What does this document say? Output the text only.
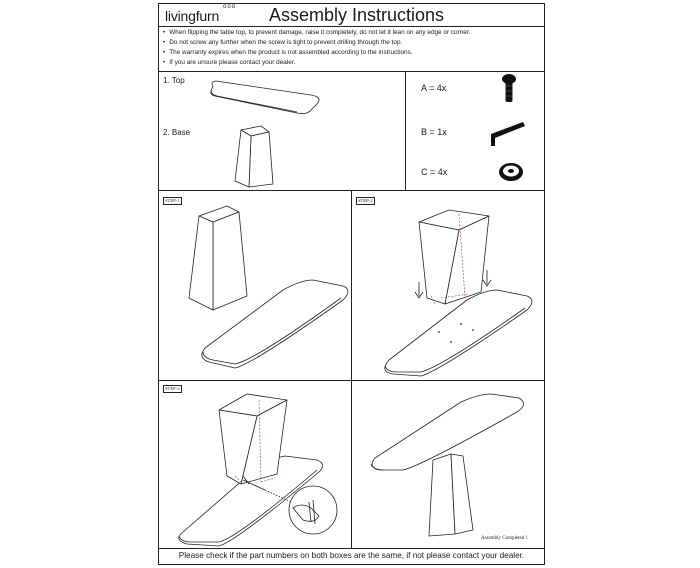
livingfurn
ooo Assembly Instructions
• When flipping the table top, to prevent damage, raise it completely, do not let it lean on any edge or corner.
• Do not screw any further when the screw is tight to prevent drilling through the top.
• The warranty expires when the product is not assembled according to the instructions.
• If you are unsure please contact your dealer.
1. Top
2. Base
A = 4x
B = 1x
C = 4x
STEP-1	STEP-2
STEP-3
Assembly Completed !.
Please check if the part numbers on both boxes are the same, if not please contact your dealer.
